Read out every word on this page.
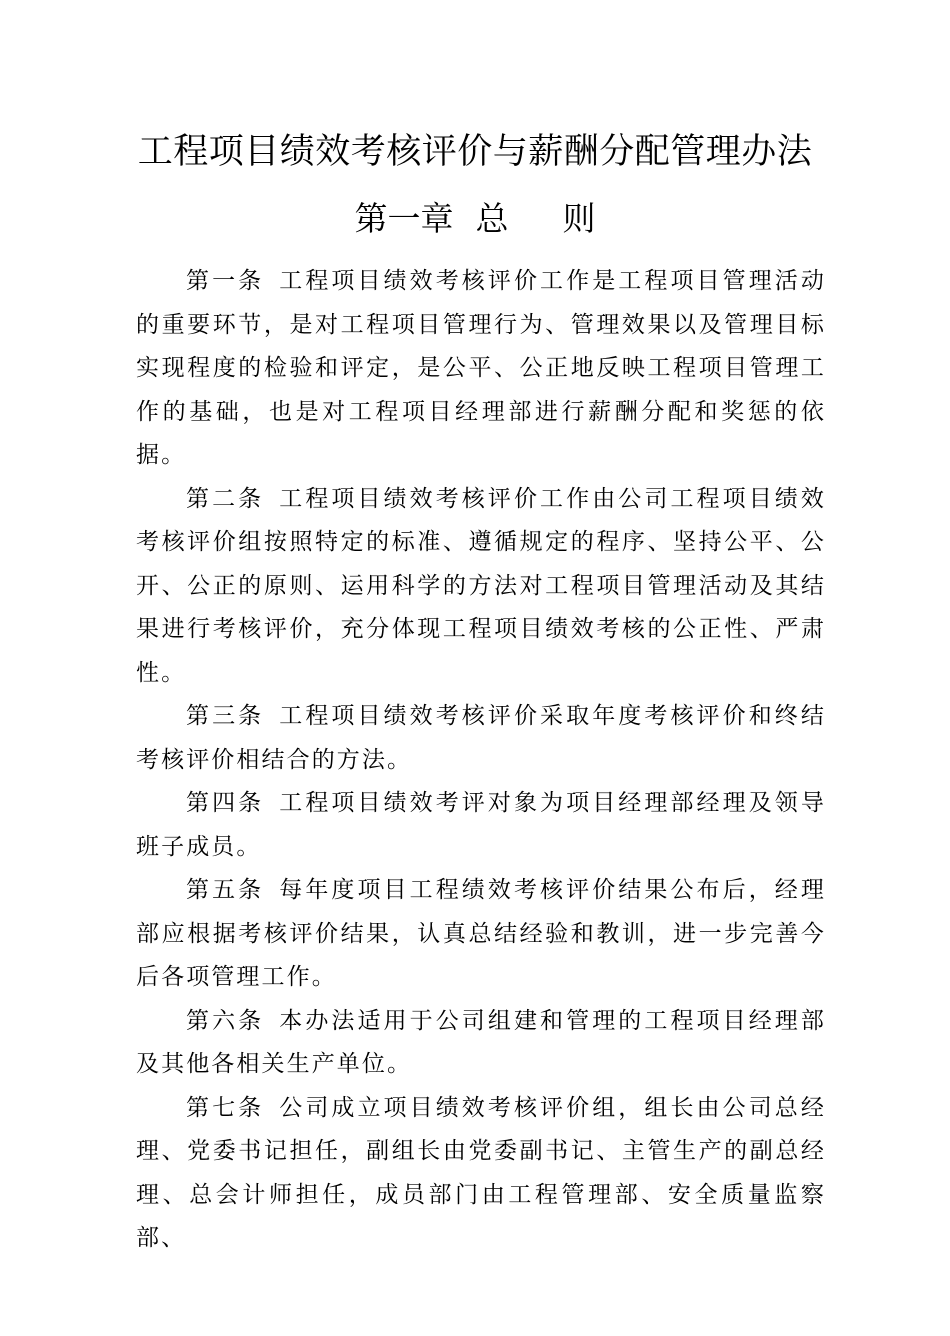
工程项目绩效考核评价与薪酬分配管理办法
第一章 总 则

第一条 工程项目绩效考核评价工作是工程项目管理活动的重要环节，是对工程项目管理行为、管理效果以及管理目标实现程度的检验和评定，是公平、公正地反映工程项目管理工作的基础，也是对工程项目经理部进行薪酬分配和奖惩的依据。

第二条 工程项目绩效考核评价工作由公司工程项目绩效考核评价组按照特定的标准、遵循规定的程序、坚持公平、公开、公正的原则、运用科学的方法对工程项目管理活动及其结果进行考核评价，充分体现工程项目绩效考核的公正性、严肃性。

第三条 工程项目绩效考核评价采取年度考核评价和终结考核评价相结合的方法。

第四条 工程项目绩效考评对象为项目经理部经理及领导班子成员。

第五条 每年度项目工程绩效考核评价结果公布后，经理部应根据考核评价结果，认真总结经验和教训，进一步完善今后各项管理工作。

第六条 本办法适用于公司组建和管理的工程项目经理部及其他各相关生产单位。

第七条 公司成立项目绩效考核评价组，组长由公司总经理、党委书记担任，副组长由党委副书记、主管生产的副总经理、总会计师担任，成员部门由工程管理部、安全质量监察部、
